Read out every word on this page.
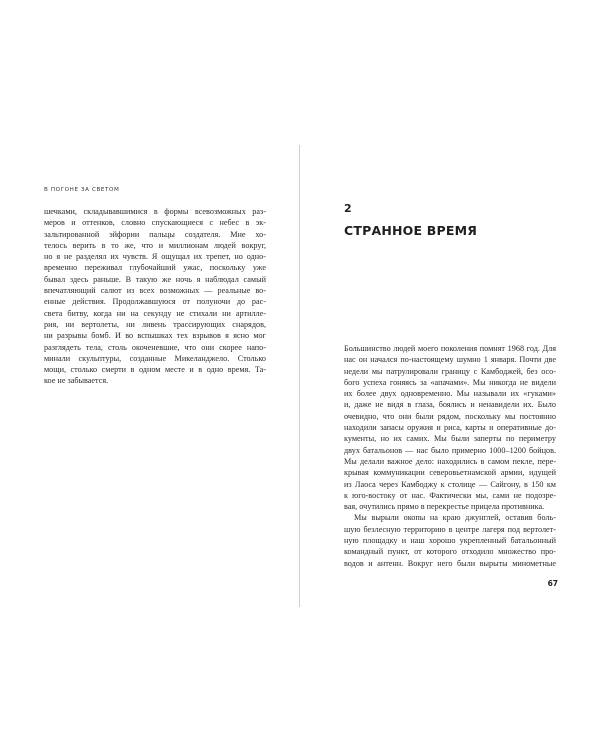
В ПОГОНЕ ЗА СВЕТОМ
шечками, складывавшимися в формы всевозможных раз-
меров и оттенков, словно спускающиеся с небес в эк-
зальтированной эйфории пальцы создателя. Мне хо-
телось верить в то же, что и миллионам людей вокруг,
но я не разделял их чувств. Я ощущал их трепет, но одно-
временно переживал глубочайший ужас, поскольку уже
бывал здесь раньше. В такую же ночь я наблюдал самый
впечатляющий салют из всех возможных — реальные во-
енные действия. Продолжавшуюся от полуночи до рас-
света битву, когда ни на секунду не стихали ни артилле-
рия, ни вертолеты, ни ливень трассирующих снарядов,
ни разрывы бомб. И во вспышках тех взрывов я ясно мог
разглядеть тела, столь окоченевшие, что они скорее напо-
минали скульптуры, созданные Микеланджело. Столько
мощи, столько смерти в одном месте и в одно время. Та-
кое не забывается.
2
СТРАННОЕ ВРЕМЯ
Большинство людей моего поколения помнят 1968 год. Для
нас он начался по-настоящему шумно 1 января. Почти две
недели мы патрулировали границу с Камбоджей, без осо-
бого успеха гоняясь за «апачами». Мы никогда не видели
их более двух одновременно. Мы называли их «гуками»
и, даже не видя в глаза, боялись и ненавидели их. Было
очевидно, что они были рядом, поскольку мы постоянно
находили запасы оружия и риса, карты и оперативные до-
кументы, но их самих. Мы были заперты по периметру
двух батальонов — нас было примерно 1000–1200 бойцов.
Мы делали важное дело: находились в самом пекле, пере-
крывая коммуникации северовьетнамской армии, идущей
из Лаоса через Камбоджу к столице — Сайгону, в 150 км
к юго-востоку от нас. Фактически мы, сами не подозре-
вая, очутились прямо в перекрестье прицела противника.
Мы вырыли окопы на краю джунглей, оставив боль-
шую безлесную территорию в центре лагеря под вертолет-
ную площадку и наш хорошо укрепленный батальонный
командный пункт, от которого отходило множество про-
водов и антенн. Вокруг него были вырыты минометные
67
